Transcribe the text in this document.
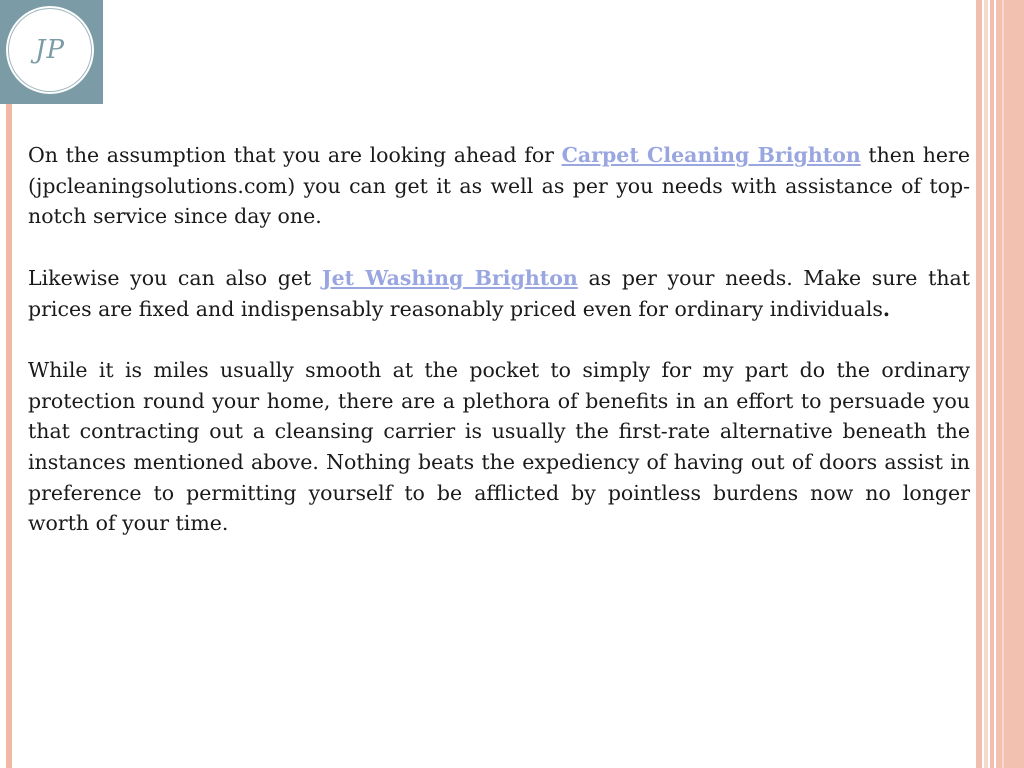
JP

On the assumption that you are looking ahead for Carpet Cleaning Brighton then here (jpcleaningsolutions.com) you can get it as well as per you needs with assistance of top-notch service since day one.

Likewise you can also get Jet Washing Brighton as per your needs. Make sure that prices are fixed and indispensably reasonably priced even for ordinary individuals.

While it is miles usually smooth at the pocket to simply for my part do the ordinary protection round your home, there are a plethora of benefits in an effort to persuade you that contracting out a cleansing carrier is usually the first-rate alternative beneath the instances mentioned above. Nothing beats the expediency of having out of doors assist in preference to permitting yourself to be afflicted by pointless burdens now no longer worth of your time.
